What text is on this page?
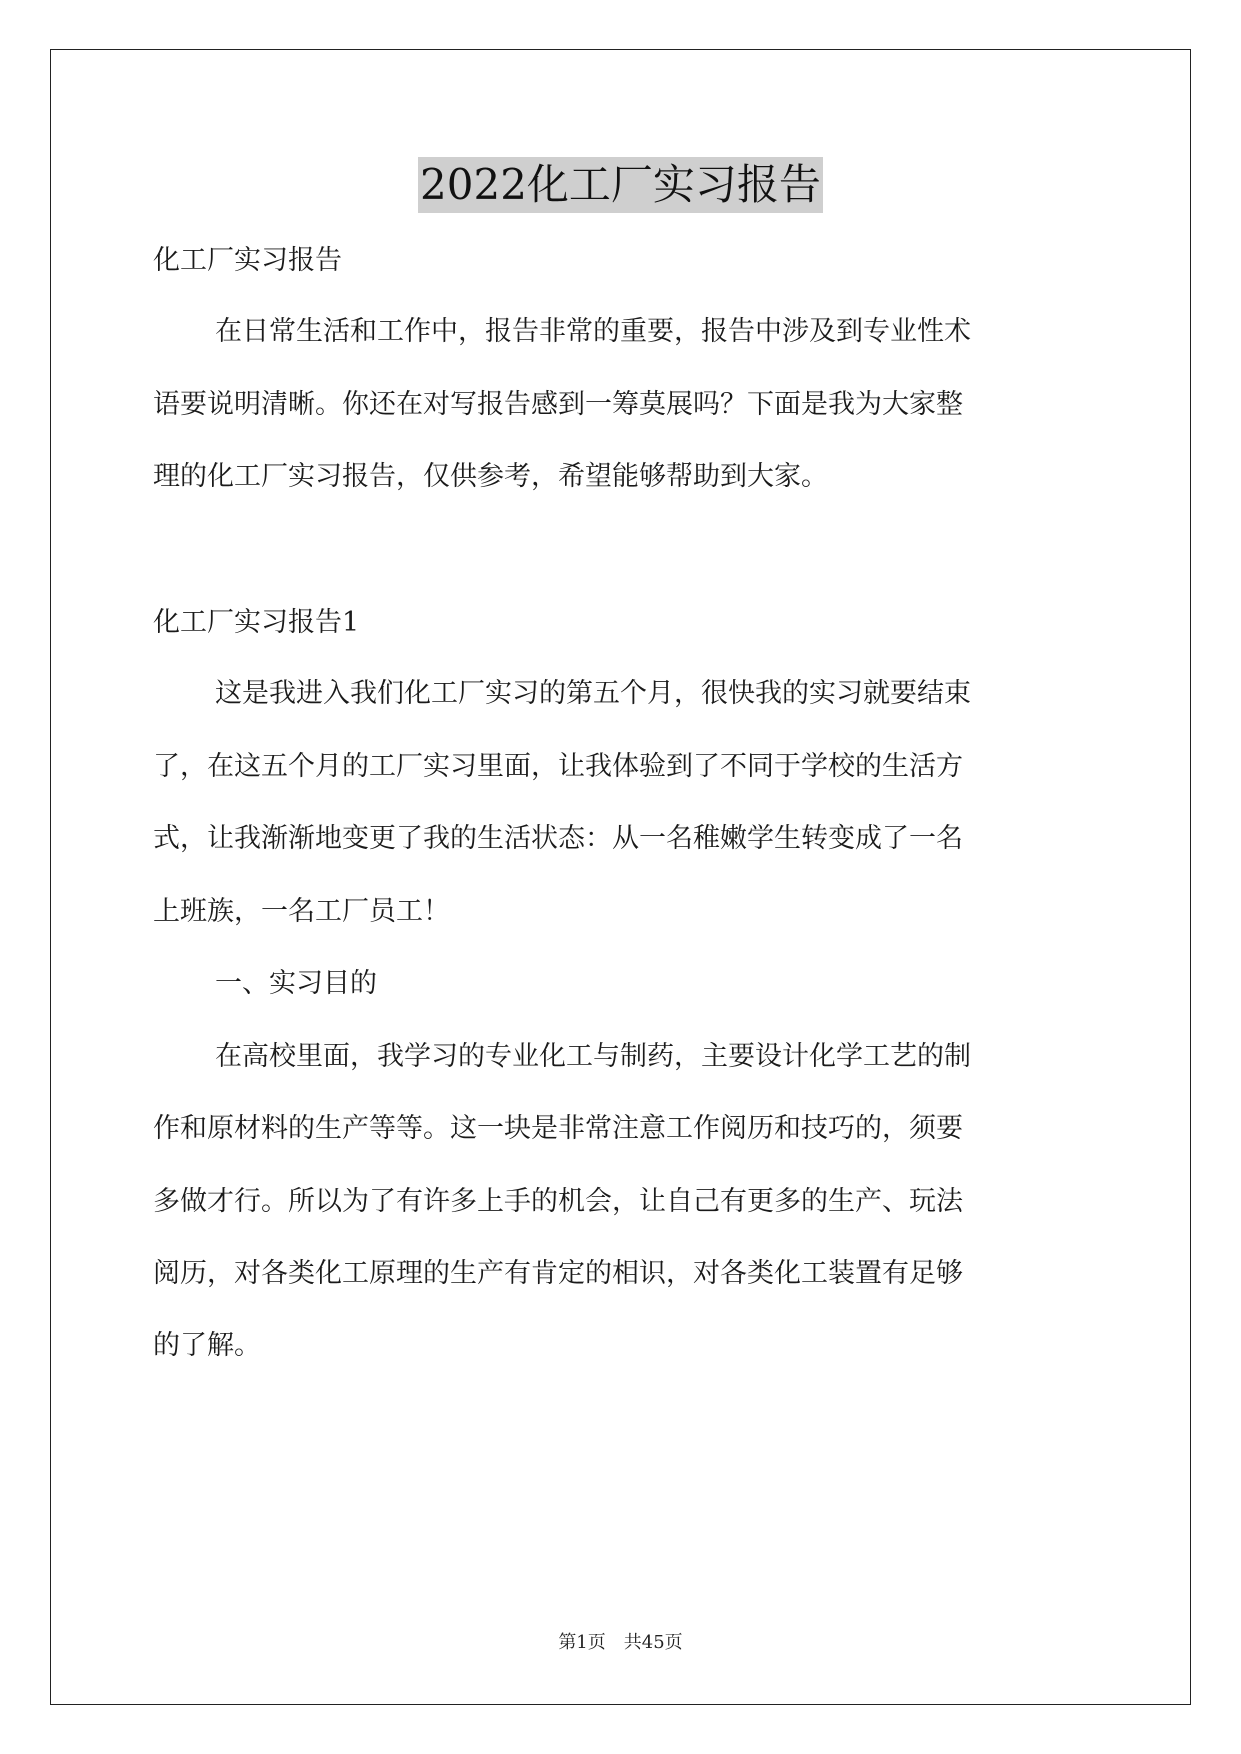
2022化工厂实习报告
化工厂实习报告
在日常生活和工作中，报告非常的重要，报告中涉及到专业性术
语要说明清晰。你还在对写报告感到一筹莫展吗？下面是我为大家整
理的化工厂实习报告，仅供参考，希望能够帮助到大家。
化工厂实习报告1
这是我进入我们化工厂实习的第五个月，很快我的实习就要结束
了，在这五个月的工厂实习里面，让我体验到了不同于学校的生活方
式，让我渐渐地变更了我的生活状态：从一名稚嫩学生转变成了一名
上班族，一名工厂员工！
一、实习目的
在高校里面，我学习的专业化工与制药，主要设计化学工艺的制
作和原材料的生产等等。这一块是非常注意工作阅历和技巧的，须要
多做才行。所以为了有许多上手的机会，让自己有更多的生产、玩法
阅历，对各类化工原理的生产有肯定的相识，对各类化工装置有足够
的了解。
第1页　共45页
